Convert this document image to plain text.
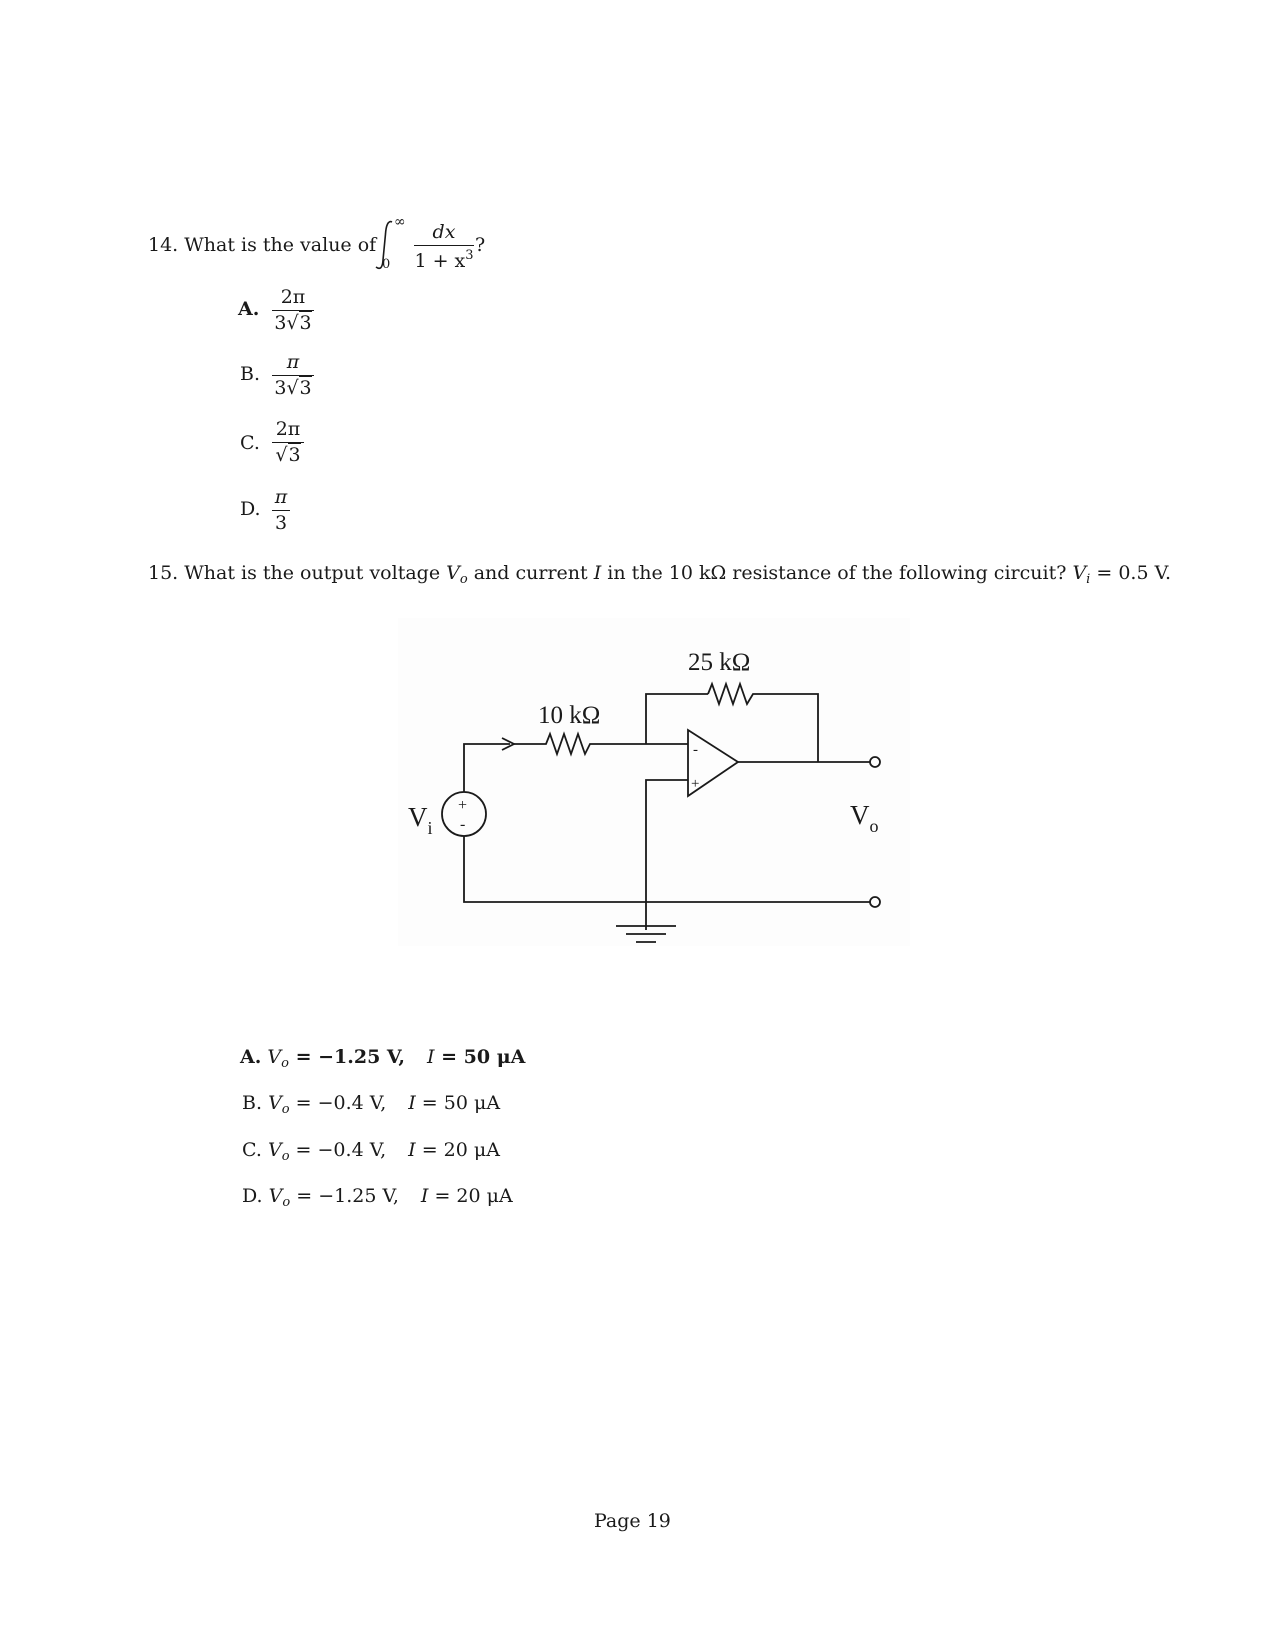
14. What is the value of
∞
0
dx
$1 + x^3$ ?
A.
2π
3√3
B.
π
3√3
C.
2π
√3
D.
π
3
15. What is the output voltage $V_o$ and current I in the 10 kΩ resistance of the following circuit? $V_i = 0.5$ V.
-
+
+
-
10 kΩ
25 kΩ
$V_i$	$V_o$
A. $V_o = -1.25$ V, I = 50 μA
B. $V_o = -0.4$ V, I = 50 μA
C. $V_o = -0.4$ V, I = 20 μA
D. $V_o = -1.25$ V, I = 20 μA
Page 19
